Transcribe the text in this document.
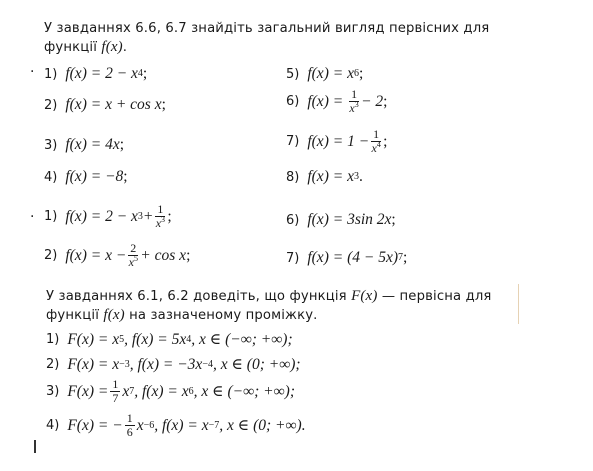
У завданнях 6.6, 6.7 знайдіть загальний вигляд первісних для
функції f(x).
. 1) f(x) = 2 − x 4 ;
2) f(x) = x + cos x ;
3) f(x) = 4x ;
4) f(x) = −8 ;
5) f(x) = x 6 ;
6) $f(x) = \frac{1}{x^3} - 2$ ;
7) $f(x) = 1 - \frac{1}{x^4}$ ;
8) f(x) = x 3 .
. 1) f(x) = 2 − x $3 + \frac{1}{x^3}$ ;	6) f(x) = 3sin 2x ;
2) $f(x) = x - \frac{2}{x^5} + \cos x$ ;	7) f(x) = (4 − 5x) 7 ;
У завданнях 6.1, 6.2 доведіть, що функція F(x) — первісна для
функції f(x) на зазначеному проміжку.
1) F(x) = x 5 , f(x) = 5x 4 , x ∈ (−∞; +∞);
2) F(x) = x −3 , f(x) = −3x −4 , x ∈ (0; +∞);
3) $F(x) = \frac{1}{7}$ x 7 , f(x) = x 6 , x ∈ (−∞; +∞);
4) F(x) = − $\frac{1}{6}$ x −6 , f(x) = x −7 , x ∈ (0; +∞).
